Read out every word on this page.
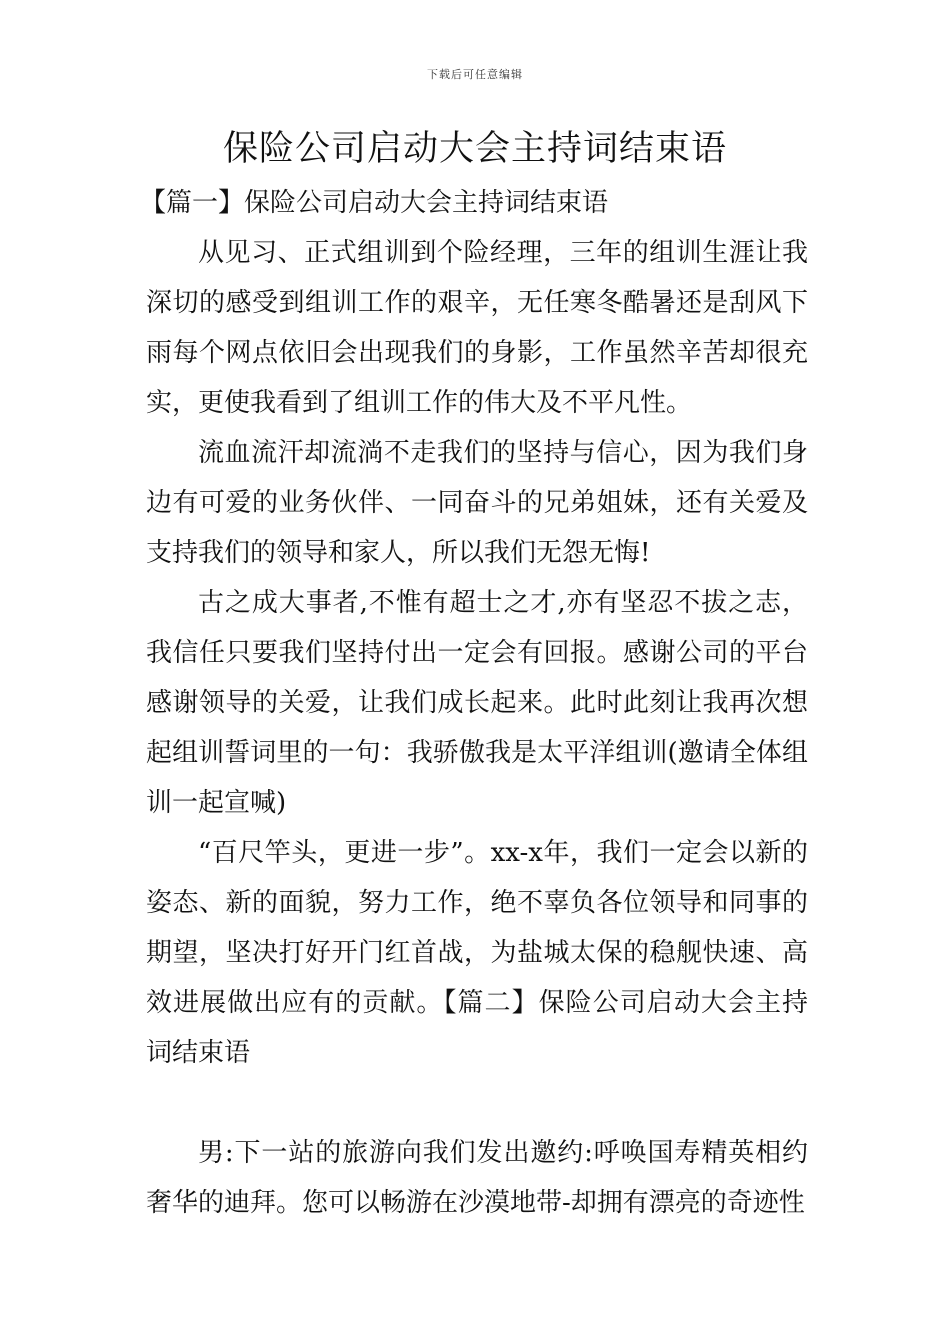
下载后可任意编辑
保险公司启动大会主持词结束语

【篇一】保险公司启动大会主持词结束语

从见习、正式组训到个险经理，三年的组训生涯让我深切的感受到组训工作的艰辛，无任寒冬酷暑还是刮风下雨每个网点依旧会出现我们的身影，工作虽然辛苦却很充实，更使我看到了组训工作的伟大及不平凡性。

流血流汗却流淌不走我们的坚持与信心，因为我们身边有可爱的业务伙伴、一同奋斗的兄弟姐妹，还有关爱及支持我们的领导和家人，所以我们无怨无悔!

古之成大事者,不惟有超士之才,亦有坚忍不拔之志，我信任只要我们坚持付出一定会有回报。感谢公司的平台感谢领导的关爱，让我们成长起来。此时此刻让我再次想起组训誓词里的一句：我骄傲我是太平洋组训(邀请全体组训一起宣喊)

“百尺竿头，更进一步”。xx-x年，我们一定会以新的姿态、新的面貌，努力工作，绝不辜负各位领导和同事的期望，坚决打好开门红首战，为盐城太保的稳舰快速、高效进展做出应有的贡献。【篇二】保险公司启动大会主持词结束语

男:下一站的旅游向我们发出邀约:呼唤国寿精英相约奢华的迪拜。您可以畅游在沙漠地带-却拥有漂亮的奇迹性
